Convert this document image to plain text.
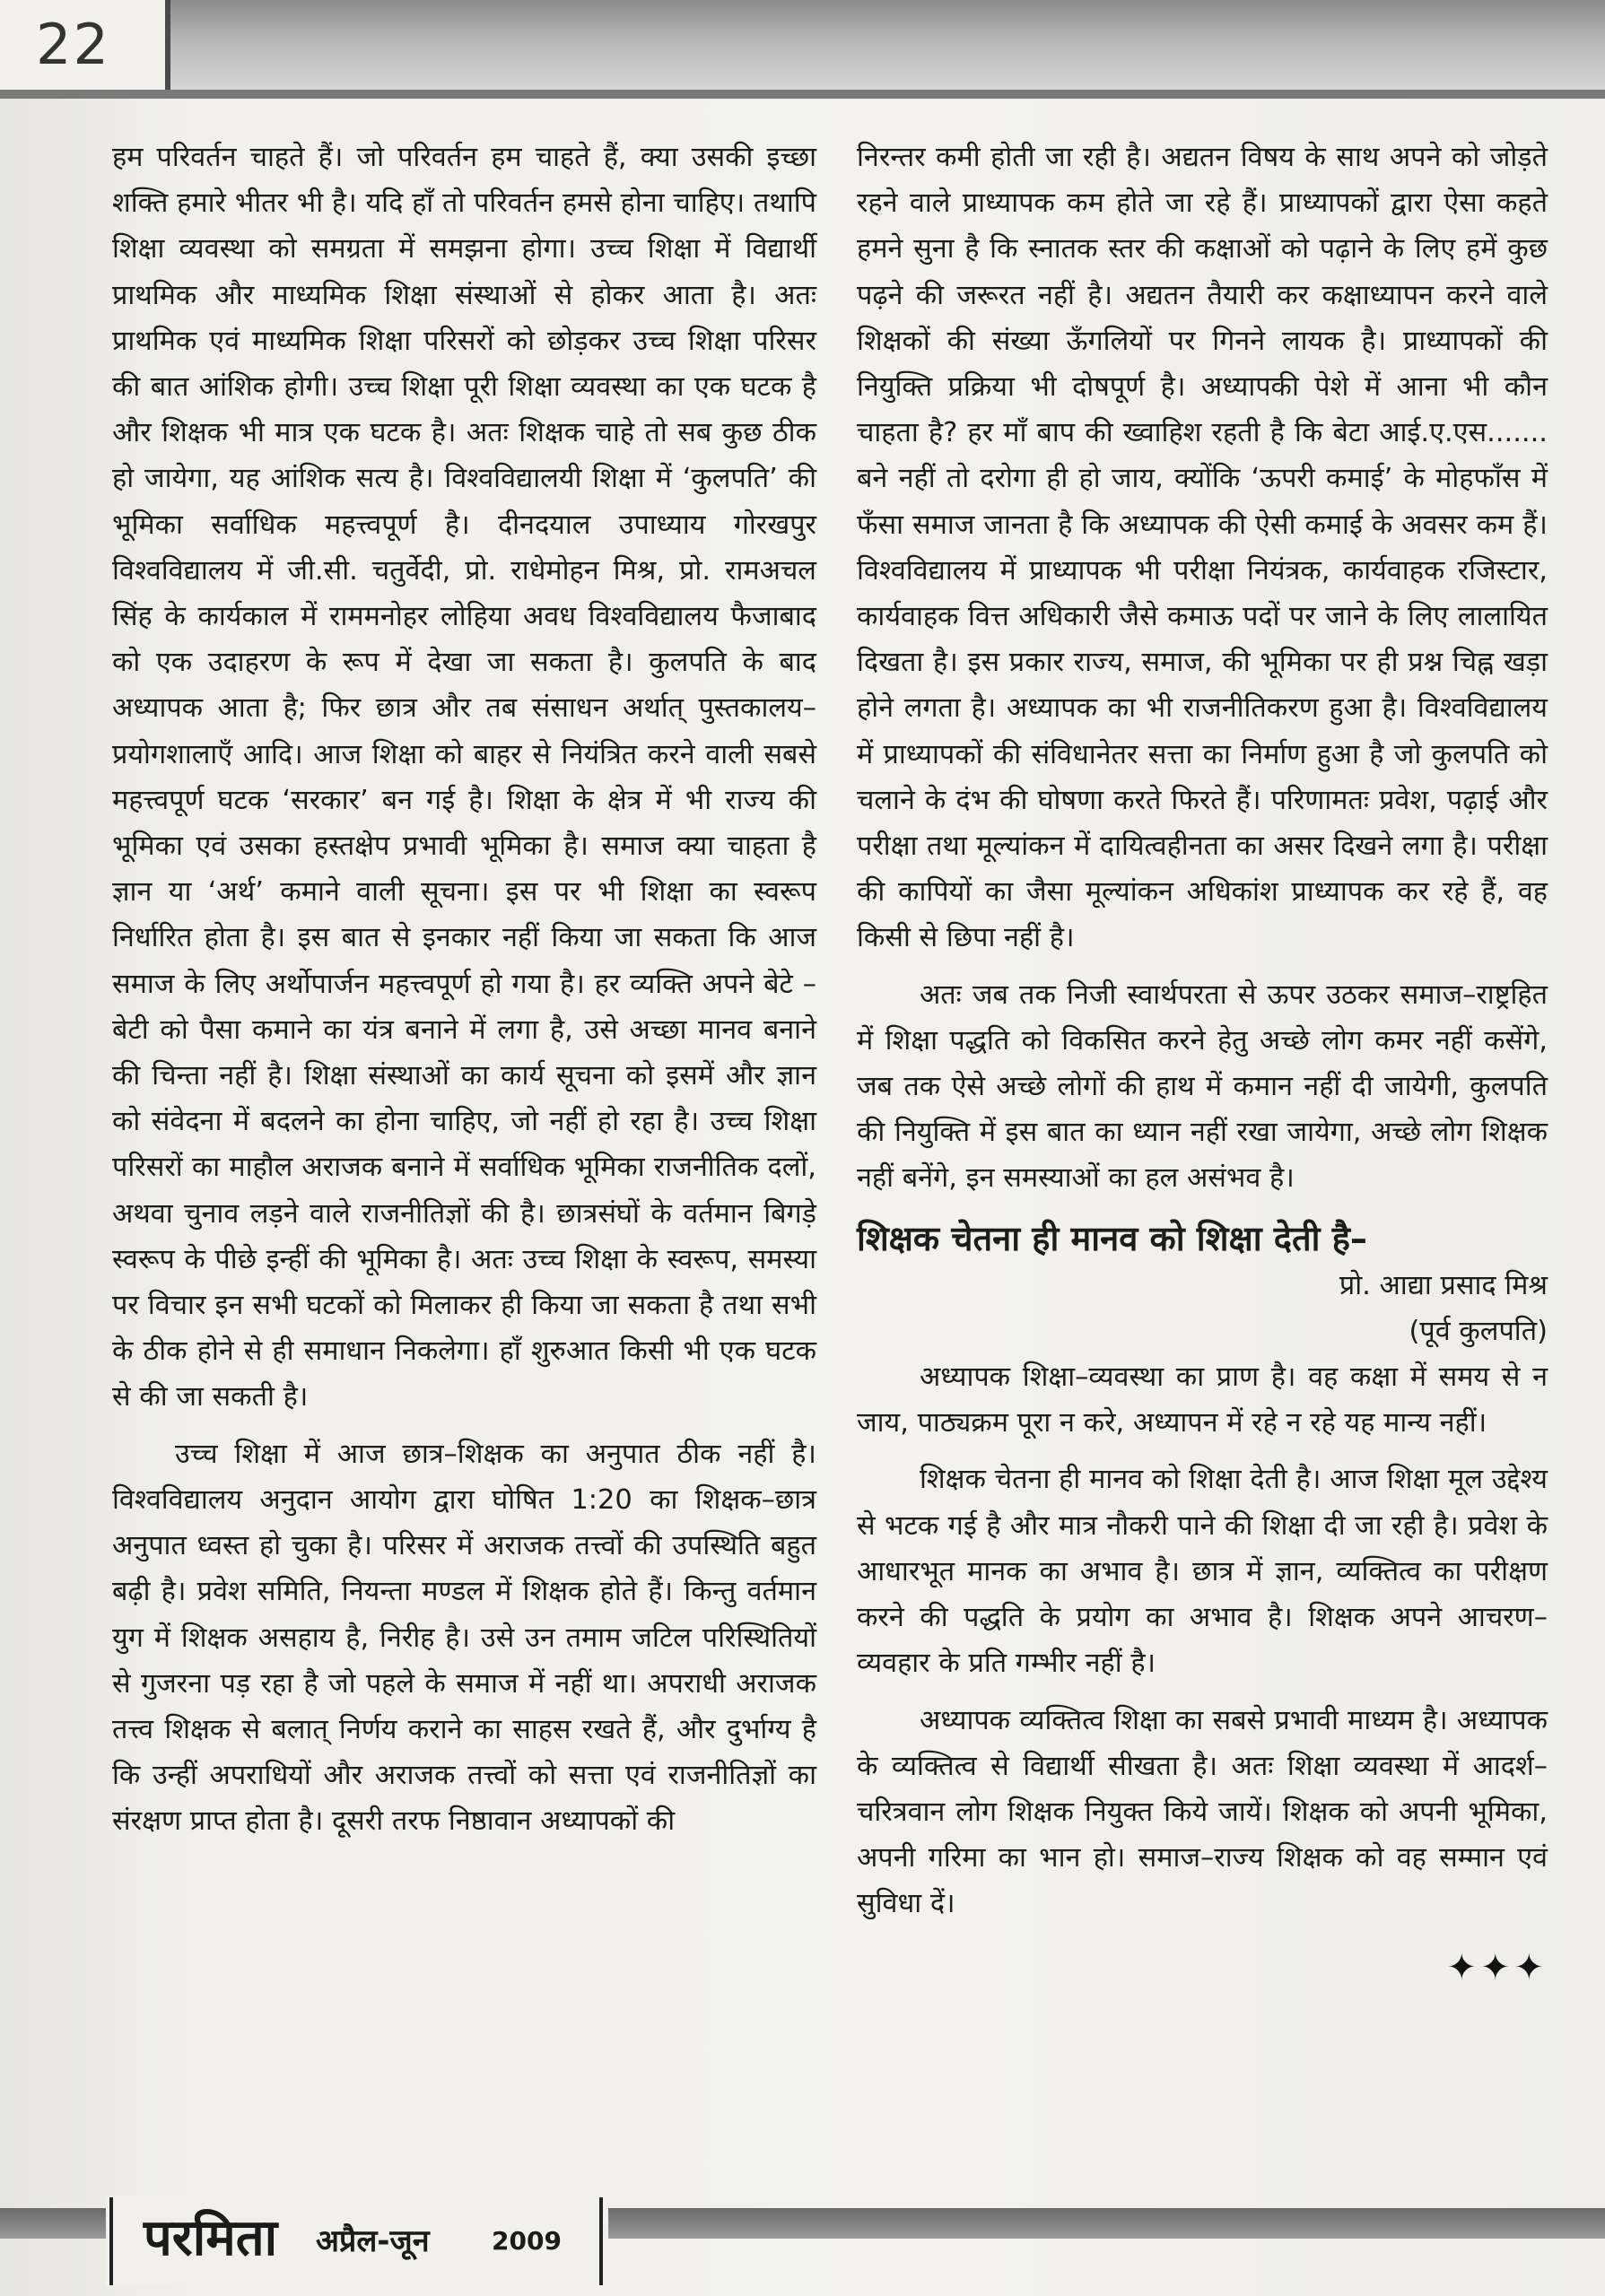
22

हम परिवर्तन चाहते हैं। जो परिवर्तन हम चाहते हैं, क्या उसकी इच्छा शक्ति हमारे भीतर भी है। यदि हाँ तो परिवर्तन हमसे होना चाहिए। तथापि शिक्षा व्यवस्था को समग्रता में समझना होगा। उच्च शिक्षा में विद्यार्थी प्राथमिक और माध्यमिक शिक्षा संस्थाओं से होकर आता है। अतः प्राथमिक एवं माध्यमिक शिक्षा परिसरों को छोड़कर उच्च शिक्षा परिसर की बात आंशिक होगी। उच्च शिक्षा पूरी शिक्षा व्यवस्था का एक घटक है और शिक्षक भी मात्र एक घटक है। अतः शिक्षक चाहे तो सब कुछ ठीक हो जायेगा, यह आंशिक सत्य है। विश्वविद्यालयी शिक्षा में ‘कुलपति’ की भूमिका सर्वाधिक महत्त्वपूर्ण है। दीनदयाल उपाध्याय गोरखपुर विश्वविद्यालय में जी.सी. चतुर्वेदी, प्रो. राधेमोहन मिश्र, प्रो. रामअचल सिंह के कार्यकाल में राममनोहर लोहिया अवध विश्वविद्यालय फैजाबाद को एक उदाहरण के रूप में देखा जा सकता है। कुलपति के बाद अध्यापक आता है; फिर छात्र और तब संसाधन अर्थात् पुस्तकालय–प्रयोगशालाएँ आदि। आज शिक्षा को बाहर से नियंत्रित करने वाली सबसे महत्त्वपूर्ण घटक ‘सरकार’ बन गई है। शिक्षा के क्षेत्र में भी राज्य की भूमिका एवं उसका हस्तक्षेप प्रभावी भूमिका है। समाज क्या चाहता है ज्ञान या ‘अर्थ’ कमाने वाली सूचना। इस पर भी शिक्षा का स्वरूप निर्धारित होता है। इस बात से इनकार नहीं किया जा सकता कि आज समाज के लिए अर्थोपार्जन महत्त्वपूर्ण हो गया है। हर व्यक्ति अपने बेटे –बेटी को पैसा कमाने का यंत्र बनाने में लगा है, उसे अच्छा मानव बनाने की चिन्ता नहीं है। शिक्षा संस्थाओं का कार्य सूचना को इसमें और ज्ञान को संवेदना में बदलने का होना चाहिए, जो नहीं हो रहा है। उच्च शिक्षा परिसरों का माहौल अराजक बनाने में सर्वाधिक भूमिका राजनीतिक दलों, अथवा चुनाव लड़ने वाले राजनीतिज्ञों की है। छात्रसंघों के वर्तमान बिगड़े स्वरूप के पीछे इन्हीं की भूमिका है। अतः उच्च शिक्षा के स्वरूप, समस्या पर विचार इन सभी घटकों को मिलाकर ही किया जा सकता है तथा सभी के ठीक होने से ही समाधान निकलेगा। हाँ शुरुआत किसी भी एक घटक से की जा सकती है।

उच्च शिक्षा में आज छात्र–शिक्षक का अनुपात ठीक नहीं है। विश्वविद्यालय अनुदान आयोग द्वारा घोषित 1:20 का शिक्षक–छात्र अनुपात ध्वस्त हो चुका है। परिसर में अराजक तत्त्वों की उपस्थिति बहुत बढ़ी है। प्रवेश समिति, नियन्ता मण्डल में शिक्षक होते हैं। किन्तु वर्तमान युग में शिक्षक असहाय है, निरीह है। उसे उन तमाम जटिल परिस्थितियों से गुजरना पड़ रहा है जो पहले के समाज में नहीं था। अपराधी अराजक तत्त्व शिक्षक से बलात् निर्णय कराने का साहस रखते हैं, और दुर्भाग्य है कि उन्हीं अपराधियों और अराजक तत्त्वों को सत्ता एवं राजनीतिज्ञों का संरक्षण प्राप्त होता है। दूसरी तरफ निष्ठावान अध्यापकों की

निरन्तर कमी होती जा रही है। अद्यतन विषय के साथ अपने को जोड़ते रहने वाले प्राध्यापक कम होते जा रहे हैं। प्राध्यापकों द्वारा ऐसा कहते हमने सुना है कि स्नातक स्तर की कक्षाओं को पढ़ाने के लिए हमें कुछ पढ़ने की जरूरत नहीं है। अद्यतन तैयारी कर कक्षाध्यापन करने वाले शिक्षकों की संख्या ऊँगलियों पर गिनने लायक है। प्राध्यापकों की नियुक्ति प्रक्रिया भी दोषपूर्ण है। अध्यापकी पेशे में आना भी कौन चाहता है? हर माँ बाप की ख्वाहिश रहती है कि बेटा आई.ए.एस....... बने नहीं तो दरोगा ही हो जाय, क्योंकि ‘ऊपरी कमाई’ के मोहफाँस में फँसा समाज जानता है कि अध्यापक की ऐसी कमाई के अवसर कम हैं। विश्वविद्यालय में प्राध्यापक भी परीक्षा नियंत्रक, कार्यवाहक रजिस्टार, कार्यवाहक वित्त अधिकारी जैसे कमाऊ पदों पर जाने के लिए लालायित दिखता है। इस प्रकार राज्य, समाज, की भूमिका पर ही प्रश्न चिह्न खड़ा होने लगता है। अध्यापक का भी राजनीतिकरण हुआ है। विश्वविद्यालय में प्राध्यापकों की संविधानेतर सत्ता का निर्माण हुआ है जो कुलपति को चलाने के दंभ की घोषणा करते फिरते हैं। परिणामतः प्रवेश, पढ़ाई और परीक्षा तथा मूल्यांकन में दायित्वहीनता का असर दिखने लगा है। परीक्षा की कापियों का जैसा मूल्यांकन अधिकांश प्राध्यापक कर रहे हैं, वह किसी से छिपा नहीं है।

अतः जब तक निजी स्वार्थपरता से ऊपर उठकर समाज–राष्ट्रहित में शिक्षा पद्धति को विकसित करने हेतु अच्छे लोग कमर नहीं कसेंगे, जब तक ऐसे अच्छे लोगों की हाथ में कमान नहीं दी जायेगी, कुलपति की नियुक्ति में इस बात का ध्यान नहीं रखा जायेगा, अच्छे लोग शिक्षक नहीं बनेंगे, इन समस्याओं का हल असंभव है।

शिक्षक चेतना ही मानव को शिक्षा देती है–

प्रो. आद्या प्रसाद मिश्र

(पूर्व कुलपति)

अध्यापक शिक्षा–व्यवस्था का प्राण है। वह कक्षा में समय से न जाय, पाठ्यक्रम पूरा न करे, अध्यापन में रहे न रहे यह मान्य नहीं।

शिक्षक चेतना ही मानव को शिक्षा देती है। आज शिक्षा मूल उद्देश्य से भटक गई है और मात्र नौकरी पाने की शिक्षा दी जा रही है। प्रवेश के आधारभूत मानक का अभाव है। छात्र में ज्ञान, व्यक्तित्व का परीक्षण करने की पद्धति के प्रयोग का अभाव है। शिक्षक अपने आचरण–व्यवहार के प्रति गम्भीर नहीं है।

अध्यापक व्यक्तित्व शिक्षा का सबसे प्रभावी माध्यम है। अध्यापक के व्यक्तित्व से विद्यार्थी सीखता है। अतः शिक्षा व्यवस्था में आदर्श–चरित्रवान लोग शिक्षक नियुक्त किये जायें। शिक्षक को अपनी भूमिका, अपनी गरिमा का भान हो। समाज–राज्य शिक्षक को वह सम्मान एवं सुविधा दें।

✦✦✦
परमिता अप्रैल-जून 2009
